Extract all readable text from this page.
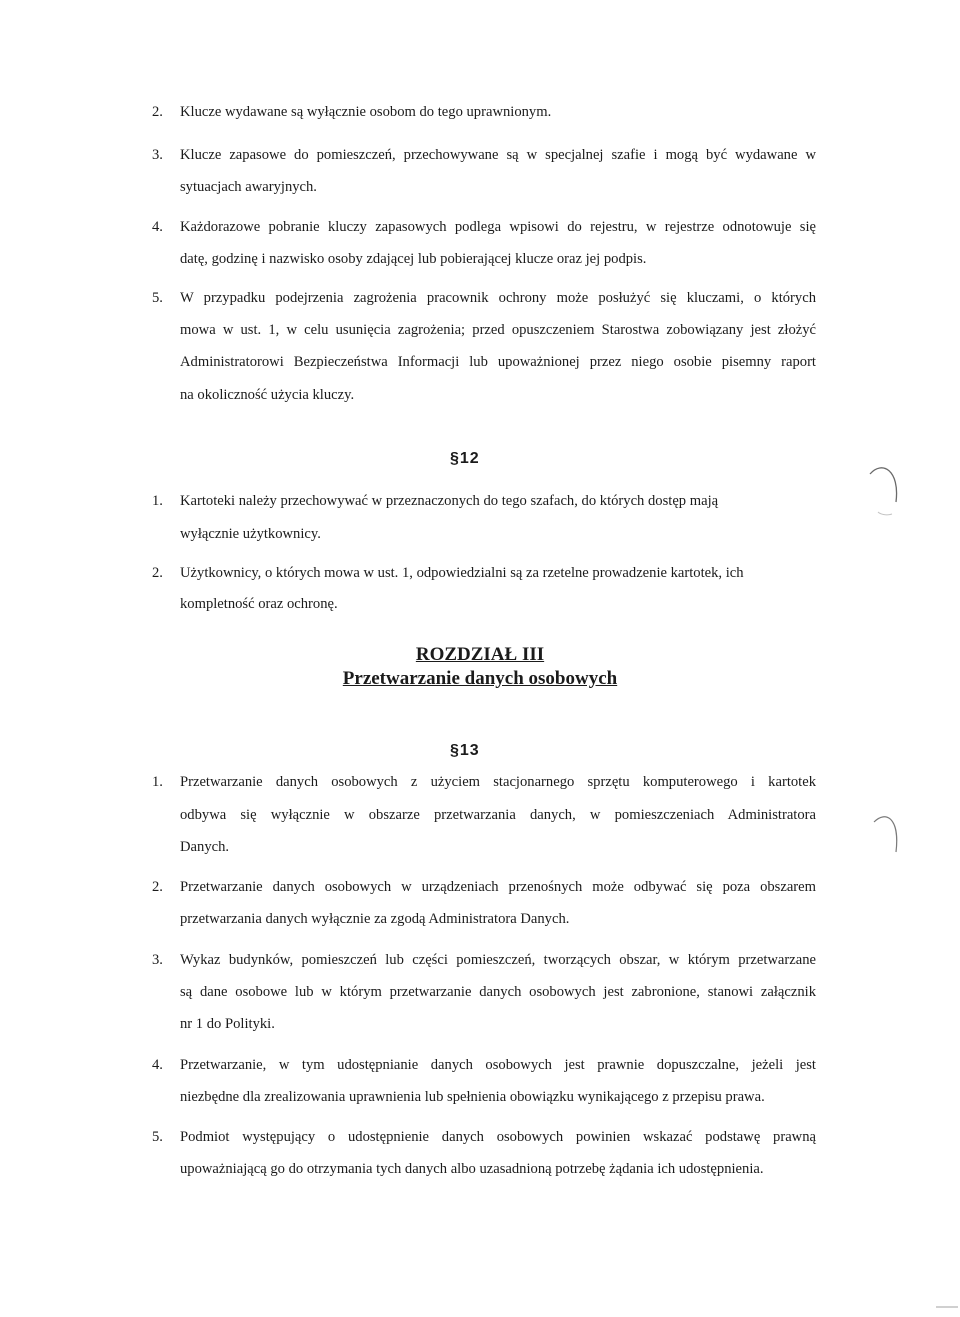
2. Klucze wydawane są wyłącznie osobom do tego uprawnionym.
3. Klucze zapasowe do pomieszczeń, przechowywane są w specjalnej szafie i mogą być wydawane w
sytuacjach awaryjnych.
4. Każdorazowe pobranie kluczy zapasowych podlega wpisowi do rejestru, w rejestrze odnotowuje się
datę, godzinę i nazwisko osoby zdającej lub pobierającej klucze oraz jej podpis.
5. W przypadku podejrzenia zagrożenia pracownik ochrony może posłużyć się kluczami, o których
mowa w ust. 1, w celu usunięcia zagrożenia; przed opuszczeniem Starostwa zobowiązany jest złożyć
Administratorowi Bezpieczeństwa Informacji lub upoważnionej przez niego osobie pisemny raport
na okoliczność użycia kluczy.
§12
1. Kartoteki należy przechowywać w przeznaczonych do tego szafach, do których dostęp mają
wyłącznie użytkownicy.
2. Użytkownicy, o których mowa w ust. 1, odpowiedzialni są za rzetelne prowadzenie kartotek, ich
kompletność oraz ochronę.
ROZDZIAŁ III
Przetwarzanie danych osobowych
§13
1. Przetwarzanie danych osobowych z użyciem stacjonarnego sprzętu komputerowego i kartotek
odbywa się wyłącznie w obszarze przetwarzania danych, w pomieszczeniach Administratora
Danych.
2. Przetwarzanie danych osobowych w urządzeniach przenośnych może odbywać się poza obszarem
przetwarzania danych wyłącznie za zgodą Administratora Danych.
3. Wykaz budynków, pomieszczeń lub części pomieszczeń, tworzących obszar, w którym przetwarzane
są dane osobowe lub w którym przetwarzanie danych osobowych jest zabronione, stanowi załącznik
nr 1 do Polityki.
4. Przetwarzanie, w tym udostępnianie danych osobowych jest prawnie dopuszczalne, jeżeli jest
niezbędne dla zrealizowania uprawnienia lub spełnienia obowiązku wynikającego z przepisu prawa.
5. Podmiot występujący o udostępnienie danych osobowych powinien wskazać podstawę prawną
upoważniającą go do otrzymania tych danych albo uzasadnioną potrzebę żądania ich udostępnienia.
